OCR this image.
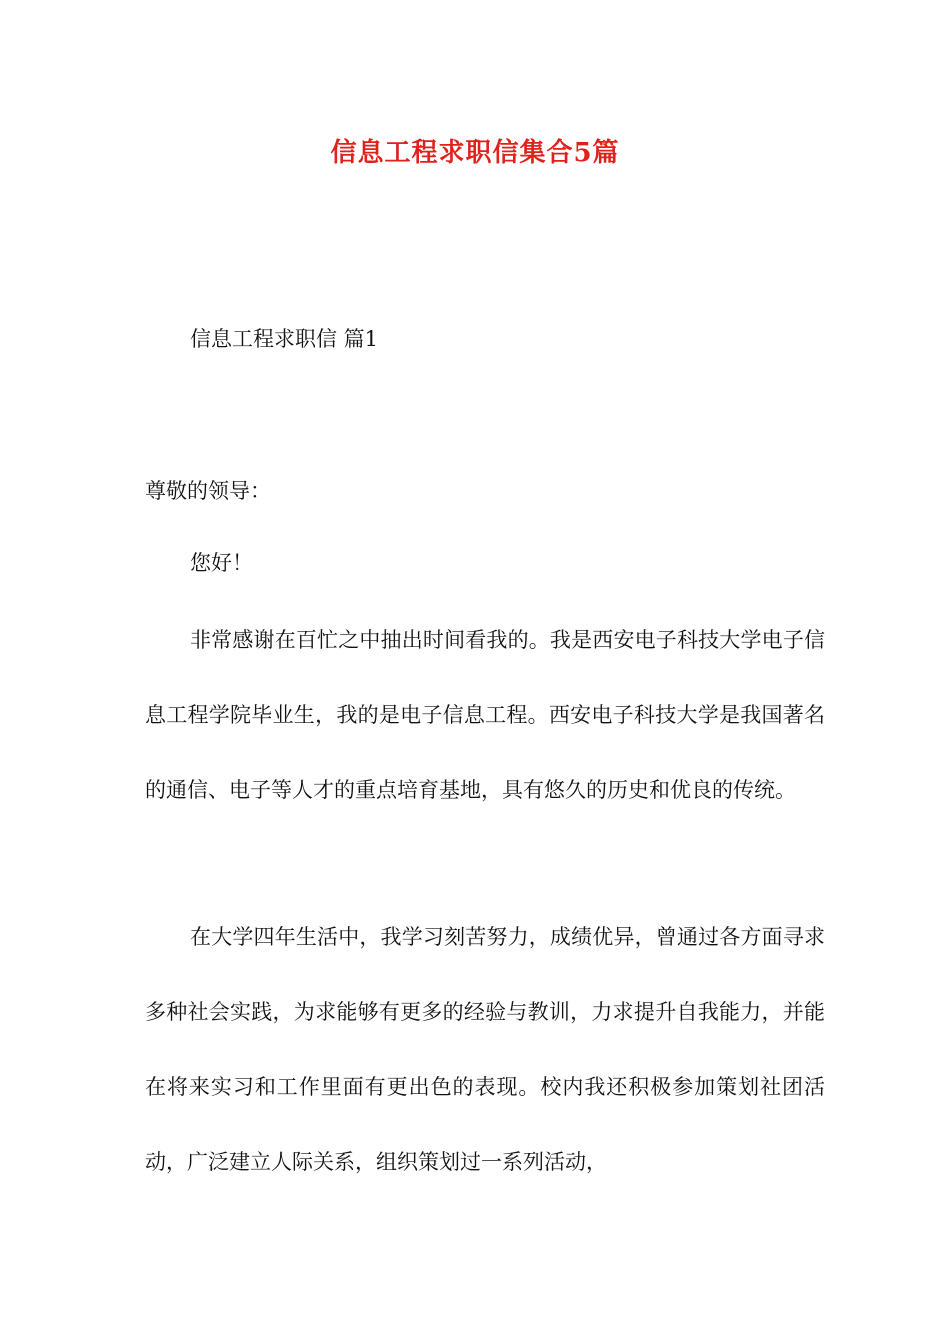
信息工程求职信集合5篇
信息工程求职信 篇1

尊敬的领导：

您好！

非常感谢在百忙之中抽出时间看我的。我是西安电子科技大学电子信息工程学院毕业生，我的是电子信息工程。西安电子科技大学是我国著名的通信、电子等人才的重点培育基地，具有悠久的历史和优良的传统。

在大学四年生活中，我学习刻苦努力，成绩优异，曾通过各方面寻求多种社会实践，为求能够有更多的经验与教训，力求提升自我能力，并能在将来实习和工作里面有更出色的表现。校内我还积极参加策划社团活动，广泛建立人际关系，组织策划过一系列活动，
